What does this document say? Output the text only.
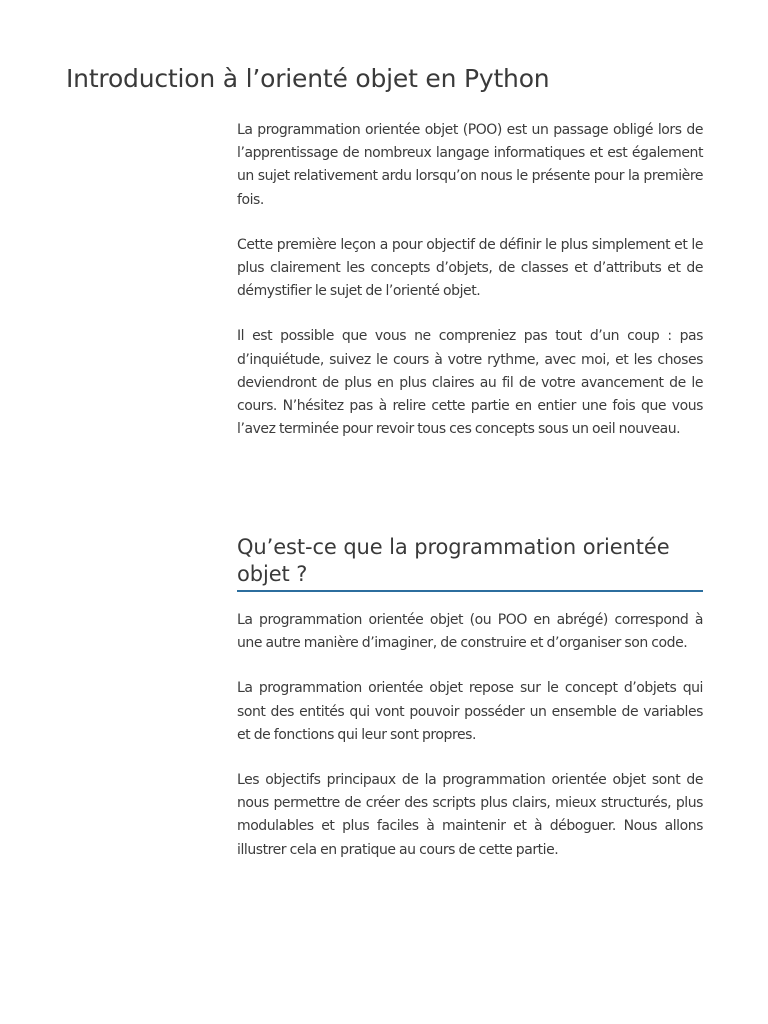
Introduction à l’orienté objet en Python

La programmation orientée objet (POO) est un passage obligé lors de l’apprentissage de nombreux langage informatiques et est également un sujet relativement ardu lorsqu’on nous le présente pour la première fois.

Cette première leçon a pour objectif de définir le plus simplement et le plus clairement les concepts d’objets, de classes et d’attributs et de démystifier le sujet de l’orienté objet.

Il est possible que vous ne compreniez pas tout d’un coup : pas d’inquiétude, suivez le cours à votre rythme, avec moi, et les choses deviendront de plus en plus claires au fil de votre avancement de le cours. N’hésitez pas à relire cette partie en entier une fois que vous l’avez terminée pour revoir tous ces concepts sous un oeil nouveau.

Qu’est-ce que la programmation orientée objet ?

La programmation orientée objet (ou POO en abrégé) correspond à une autre manière d’imaginer, de construire et d’organiser son code.

La programmation orientée objet repose sur le concept d’objets qui sont des entités qui vont pouvoir posséder un ensemble de variables et de fonctions qui leur sont propres.

Les objectifs principaux de la programmation orientée objet sont de nous permettre de créer des scripts plus clairs, mieux structurés, plus modulables et plus faciles à maintenir et à déboguer. Nous allons illustrer cela en pratique au cours de cette partie.
